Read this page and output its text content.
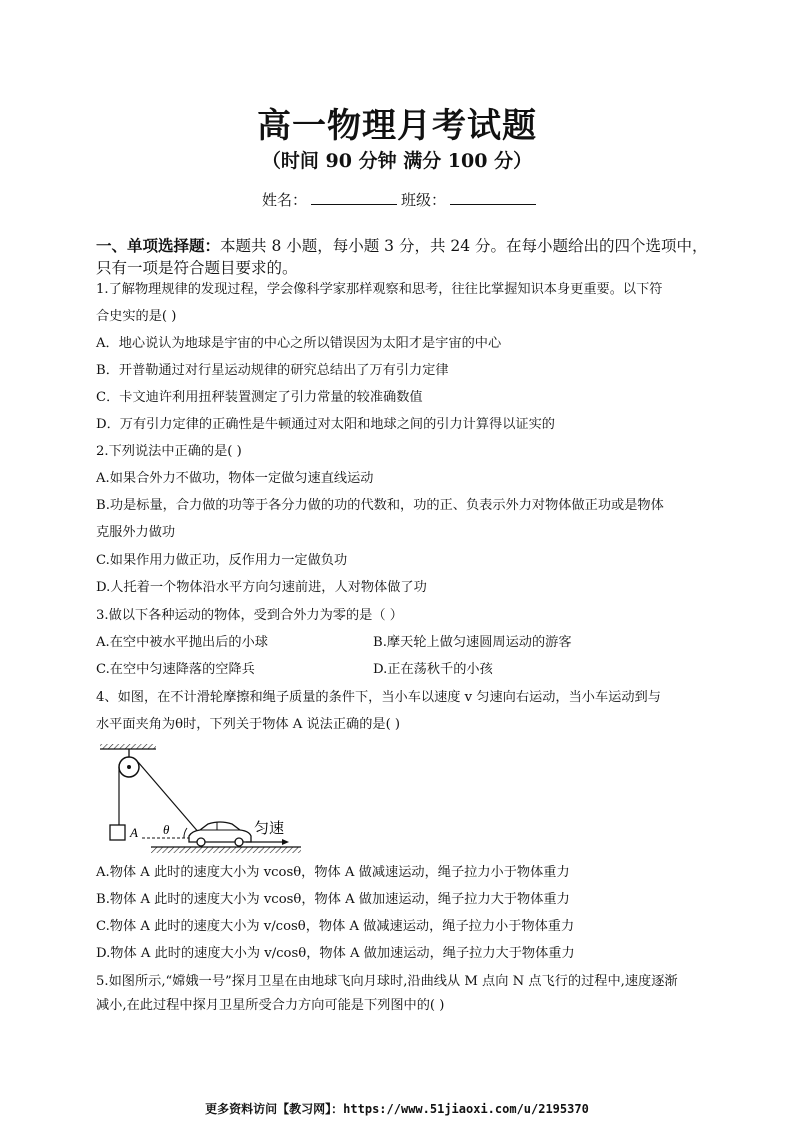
高一物理月考试题
（时间 90 分钟 满分 100 分）
姓名：	班级：
一、单项选择题：本题共 8 小题，每小题 3 分，共 24 分。在每小题给出的四个选项中，只有一项是符合题目要求的。
1.了解物理规律的发现过程，学会像科学家那样观察和思考，往往比掌握知识本身更重要。以下符
合史实的是( )
A．地心说认为地球是宇宙的中心之所以错误因为太阳才是宇宙的中心
B．开普勒通过对行星运动规律的研究总结出了万有引力定律
C．卡文迪许利用扭秤装置测定了引力常量的较准确数值
D．万有引力定律的正确性是牛顿通过对太阳和地球之间的引力计算得以证实的
2.下列说法中正确的是( )
A.如果合外力不做功，物体一定做匀速直线运动
B.功是标量，合力做的功等于各分力做的功的代数和，功的正、负表示外力对物体做正功或是物体
克服外力做功
C.如果作用力做正功，反作用力一定做负功
D.人托着一个物体沿水平方向匀速前进，人对物体做了功
3.做以下各种运动的物体，受到合外力为零的是（ ）
A.在空中被水平抛出后的小球	B.摩天轮上做匀速圆周运动的游客
C.在空中匀速降落的空降兵	D.正在荡秋千的小孩
4、如图，在不计滑轮摩擦和绳子质量的条件下，当小车以速度 v 匀速向右运动，当小车运动到与
水平面夹角为θ时，下列关于物体 A 说法正确的是( )
A θ	匀速
A.物体 A 此时的速度大小为 vcosθ，物体 A 做减速运动，绳子拉力小于物体重力
B.物体 A 此时的速度大小为 vcosθ，物体 A 做加速运动，绳子拉力大于物体重力
C.物体 A 此时的速度大小为 v/cosθ，物体 A 做减速运动，绳子拉力小于物体重力
D.物体 A 此时的速度大小为 v/cosθ，物体 A 做加速运动，绳子拉力大于物体重力
5.如图所示,“嫦娥一号”探月卫星在由地球飞向月球时,沿曲线从 M 点向 N 点飞行的过程中,速度逐渐
减小,在此过程中探月卫星所受合力方向可能是下列图中的( )
更多资料访问【教习网】：https://www.51jiaoxi.com/u/2195370
